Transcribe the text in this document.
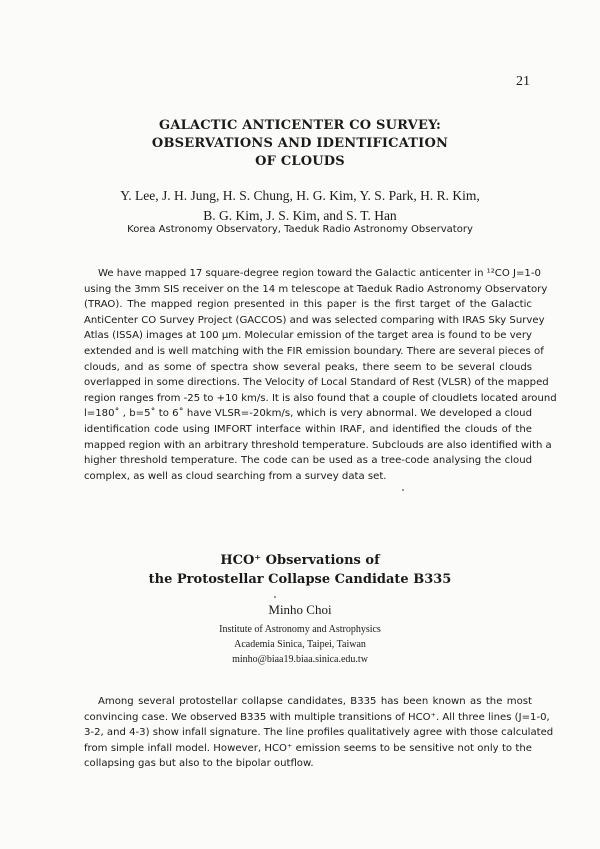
21
GALACTIC ANTICENTER CO SURVEY:
OBSERVATIONS AND IDENTIFICATION
OF CLOUDS
Y. Lee, J. H. Jung, H. S. Chung, H. G. Kim, Y. S. Park, H. R. Kim,
B. G. Kim, J. S. Kim, and S. T. Han
Korea Astronomy Observatory, Taeduk Radio Astronomy Observatory
We have mapped 17 square-degree region toward the Galactic anticenter in ¹²CO J=1-0
using the 3mm SIS receiver on the 14 m telescope at Taeduk Radio Astronomy Observatory
(TRAO). The mapped region presented in this paper is the first target of the Galactic
AntiCenter CO Survey Project (GACCOS) and was selected comparing with IRAS Sky Survey
Atlas (ISSA) images at 100 μm. Molecular emission of the target area is found to be very
extended and is well matching with the FIR emission boundary. There are several pieces of
clouds, and as some of spectra show several peaks, there seem to be several clouds
overlapped in some directions. The Velocity of Local Standard of Rest (VLSR) of the mapped
region ranges from -25 to +10 km/s. It is also found that a couple of cloudlets located around
l=180˚ , b=5˚ to 6˚ have VLSR=-20km/s, which is very abnormal. We developed a cloud
identification code using IMFORT interface within IRAF, and identified the clouds of the
mapped region with an arbitrary threshold temperature. Subclouds are also identified with a
higher threshold temperature. The code can be used as a tree-code analysing the cloud
complex, as well as cloud searching from a survey data set.
HCO⁺ Observations of
the Protostellar Collapse Candidate B335
Minho Choi
Institute of Astronomy and Astrophysics
Academia Sinica, Taipei, Taiwan
minho@biaa19.biaa.sinica.edu.tw
Among several protostellar collapse candidates, B335 has been known as the most
convincing case. We observed B335 with multiple transitions of HCO⁺. All three lines (J=1-0,
3-2, and 4-3) show infall signature. The line profiles qualitatively agree with those calculated
from simple infall model. However, HCO⁺ emission seems to be sensitive not only to the
collapsing gas but also to the bipolar outflow.
